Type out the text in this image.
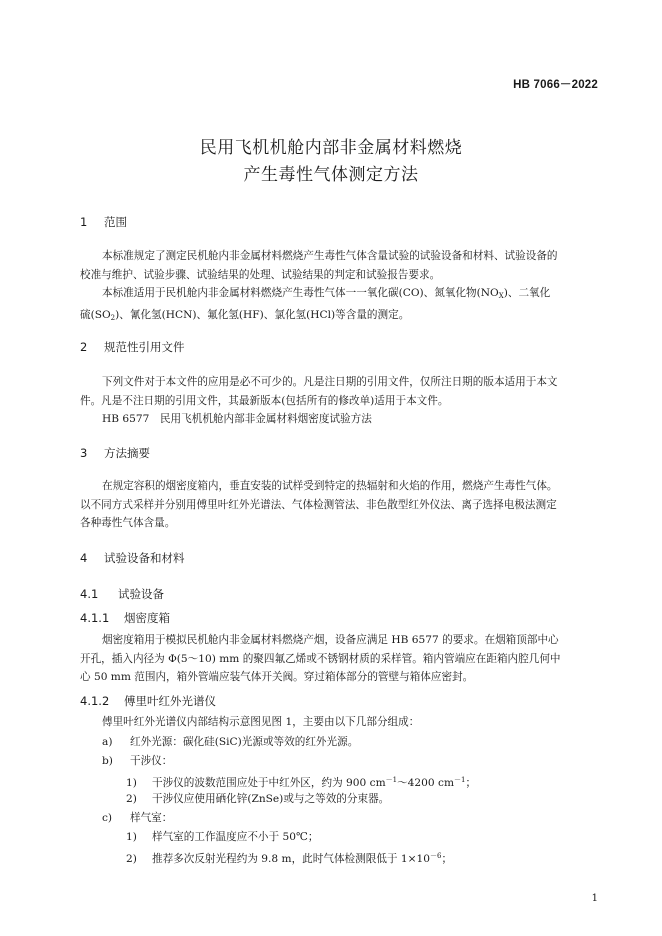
HB 7066－2022
民用飞机机舱内部非金属材料燃烧
产生毒性气体测定方法
1 范围
本标准规定了测定民机舱内非金属材料燃烧产生毒性气体含量试验的试验设备和材料、试验设备的
校准与维护、试验步骤、试验结果的处理、试验结果的判定和试验报告要求。
本标准适用于民机舱内非金属材料燃烧产生毒性气体一一氧化碳(CO)、氮氧化物$(NO_X)$、二氧化
硫$(SO_2)$、氰化氢(HCN)、氟化氢(HF)、氯化氢(HCl)等含量的测定。
2 规范性引用文件
下列文件对于本文件的应用是必不可少的。凡是注日期的引用文件，仅所注日期的版本适用于本文
件。凡是不注日期的引用文件，其最新版本(包括所有的修改单)适用于本文件。
HB 6577　民用飞机机舱内部非金属材料烟密度试验方法
3 方法摘要
在规定容积的烟密度箱内，垂直安装的试样受到特定的热辐射和火焰的作用，燃烧产生毒性气体。
以不同方式采样并分别用傅里叶红外光谱法、气体检测管法、非色散型红外仪法、离子选择电极法测定
各种毒性气体含量。
4 试验设备和材料
4.1 试验设备
4.1.1 烟密度箱
烟密度箱用于模拟民机舱内非金属材料燃烧产烟，设备应满足 HB 6577 的要求。在烟箱顶部中心
开孔，插入内径为 Φ(5～10) mm 的聚四氟乙烯或不锈钢材质的采样管。箱内管端应在距箱内腔几何中
心 50 mm 范围内，箱外管端应装气体开关阀。穿过箱体部分的管壁与箱体应密封。
4.1.2 傅里叶红外光谱仪
傅里叶红外光谱仪内部结构示意图见图 1，主要由以下几部分组成：
a) 红外光源：碳化硅(SiC)光源或等效的红外光源。
b) 干涉仪：
1) 干涉仪的波数范围应处于中红外区，约为 900 $cm^{-1}\sim 4200$ $cm^{-1}$；
2) 干涉仪应使用硒化锌(ZnSe)或与之等效的分束器。
c) 样气室：
1) 样气室的工作温度应不小于 50℃；
2) 推荐多次反射光程约为 9.8 m，此时气体检测限低于 $1\times 10^{-6}$；
1
